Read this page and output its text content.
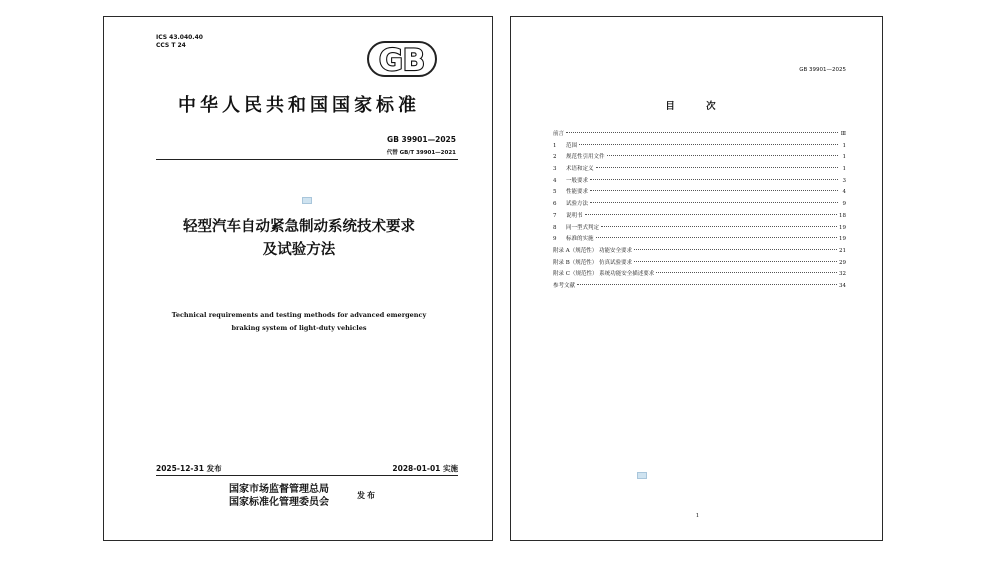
ICS 43.040.40
CCS T 24	GB
中华人民共和国国家标准
GB 39901—2025
代替 GB/T 39901—2021
轻型汽车自动紧急制动系统技术要求
及试验方法
Technical requirements and testing methods for advanced emergency
braking system of light-duty vehicles
2025-12-31 发布	2028-01-01 实施
国家市场监督管理总局
国家标准化管理委员会
发布
GB 39901—2025
目 次
前言	Ⅲ
1	范围	1
2	规范性引用文件	1
3	术语和定义	1
4	一般要求	3
5	性能要求	4
6	试验方法	9
7	说明书	18
8	同一型式判定	19
9	标准的实施	19
附录 A（规范性） 功能安全要求	21
附录 B（规范性） 仿真试验要求	29
附录 C（规范性） 系统功能安全描述要求	32
参考文献	34
1
